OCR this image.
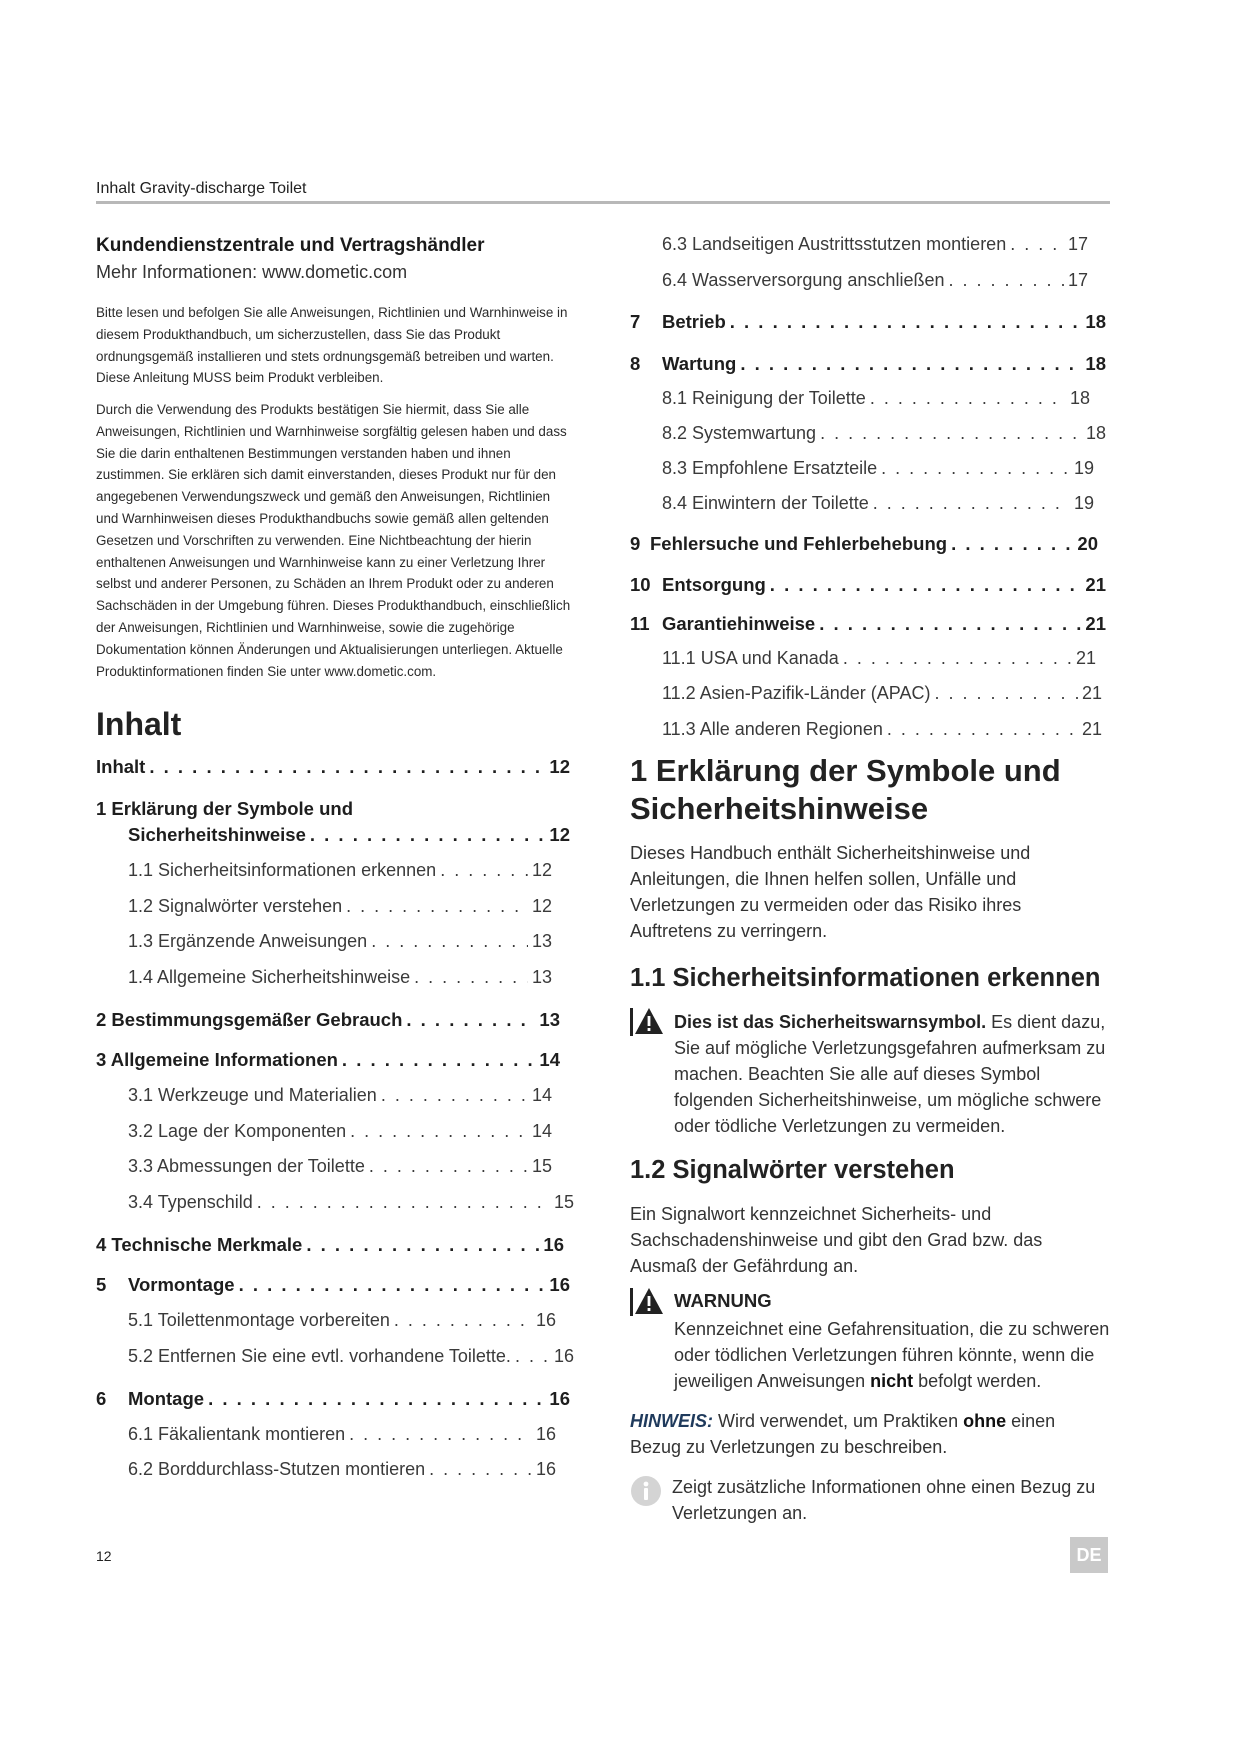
Inhalt Gravity-discharge Toilet
Kundendienstzentrale und Vertragshändler
Mehr Informationen: www.dometic.com
Bitte lesen und befolgen Sie alle Anweisungen, Richtlinien und Warnhinweise in diesem Produkthandbuch, um sicherzustellen, dass Sie das Produkt ordnungsgemäß installieren und stets ordnungsgemäß betreiben und warten. Diese Anleitung MUSS beim Produkt verbleiben.
Durch die Verwendung des Produkts bestätigen Sie hiermit, dass Sie alle Anweisungen, Richtlinien und Warnhinweise sorgfältig gelesen haben und dass Sie die darin enthaltenen Bestimmungen verstanden haben und ihnen zustimmen. Sie erklären sich damit einverstanden, dieses Produkt nur für den angegebenen Verwendungszweck und gemäß den Anweisungen, Richtlinien und Warnhinweisen dieses Produkthandbuchs sowie gemäß allen geltenden Gesetzen und Vorschriften zu verwenden. Eine Nichtbeachtung der hierin enthaltenen Anweisungen und Warnhinweise kann zu einer Verletzung Ihrer selbst und anderer Personen, zu Schäden an Ihrem Produkt oder zu anderen Sachschäden in der Umgebung führen. Dieses Produkthandbuch, einschließlich der Anweisungen, Richtlinien und Warnhinweise, sowie die zugehörige Dokumentation können Änderungen und Aktualisierungen unterliegen. Aktuelle Produktinformationen finden Sie unter www.dometic.com.
Inhalt
Inhalt . . .	12
1 Erklärung der Symbole und
Sicherheitshinweise . . .	12
1.1 Sicherheitsinformationen erkennen . . .	12
1.2 Signalwörter verstehen . . .	12
1.3 Ergänzende Anweisungen . . .	13
1.4 Allgemeine Sicherheitshinweise . . .	13
2 Bestimmungsgemäßer Gebrauch . . .	13
3 Allgemeine Informationen . . .	14
3.1 Werkzeuge und Materialien . . .	14
3.2 Lage der Komponenten . . .	14
3.3 Abmessungen der Toilette . . .	15
3.4 Typenschild . . .	15
4 Technische Merkmale . . .	16
5 Vormontage . . .	16
5.1 Toilettenmontage vorbereiten . . .	16
5.2 Entfernen Sie eine evtl. vorhandene Toilette. . . . 16
6 Montage . . .	16
6.1 Fäkalientank montieren . . .	16
6.2 Borddurchlass-Stutzen montieren . . .	16
6.3 Landseitigen Austrittsstutzen montieren . . .	17
6.4 Wasserversorgung anschließen . . .	17
7 Betrieb . . .	18
8 Wartung . . .	18
8.1 Reinigung der Toilette . . .	18
8.2 Systemwartung . . .	18
8.3 Empfohlene Ersatzteile . . .	19
8.4 Einwintern der Toilette . . .	19
9 Fehlersuche und Fehlerbehebung . . .	20
10 Entsorgung . . .	21
11 Garantiehinweise . . .	21
11.1 USA und Kanada . . .	21
11.2 Asien-Pazifik-Länder (APAC) . . .	21
11.3 Alle anderen Regionen . . .	21
1 Erklärung der Symbole und Sicherheitshinweise
Dieses Handbuch enthält Sicherheitshinweise und Anleitungen, die Ihnen helfen sollen, Unfälle und Verletzungen zu vermeiden oder das Risiko ihres Auftretens zu verringern.
1.1 Sicherheitsinformationen erkennen
Dies ist das Sicherheitswarnsymbol. Es dient dazu, Sie auf mögliche Verletzungsgefahren aufmerksam zu machen. Beachten Sie alle auf dieses Symbol folgenden Sicherheitshinweise, um mögliche schwere oder tödliche Verletzungen zu vermeiden.
1.2 Signalwörter verstehen
Ein Signalwort kennzeichnet Sicherheits- und Sachschadenshinweise und gibt den Grad bzw. das Ausmaß der Gefährdung an.
WARNUNG
Kennzeichnet eine Gefahrensituation, die zu schweren oder tödlichen Verletzungen führen könnte, wenn die jeweiligen Anweisungen nicht befolgt werden.
HINWEIS: Wird verwendet, um Praktiken ohne einen Bezug zu Verletzungen zu beschreiben.
Zeigt zusätzliche Informationen ohne einen Bezug zu Verletzungen an.
12	DE
